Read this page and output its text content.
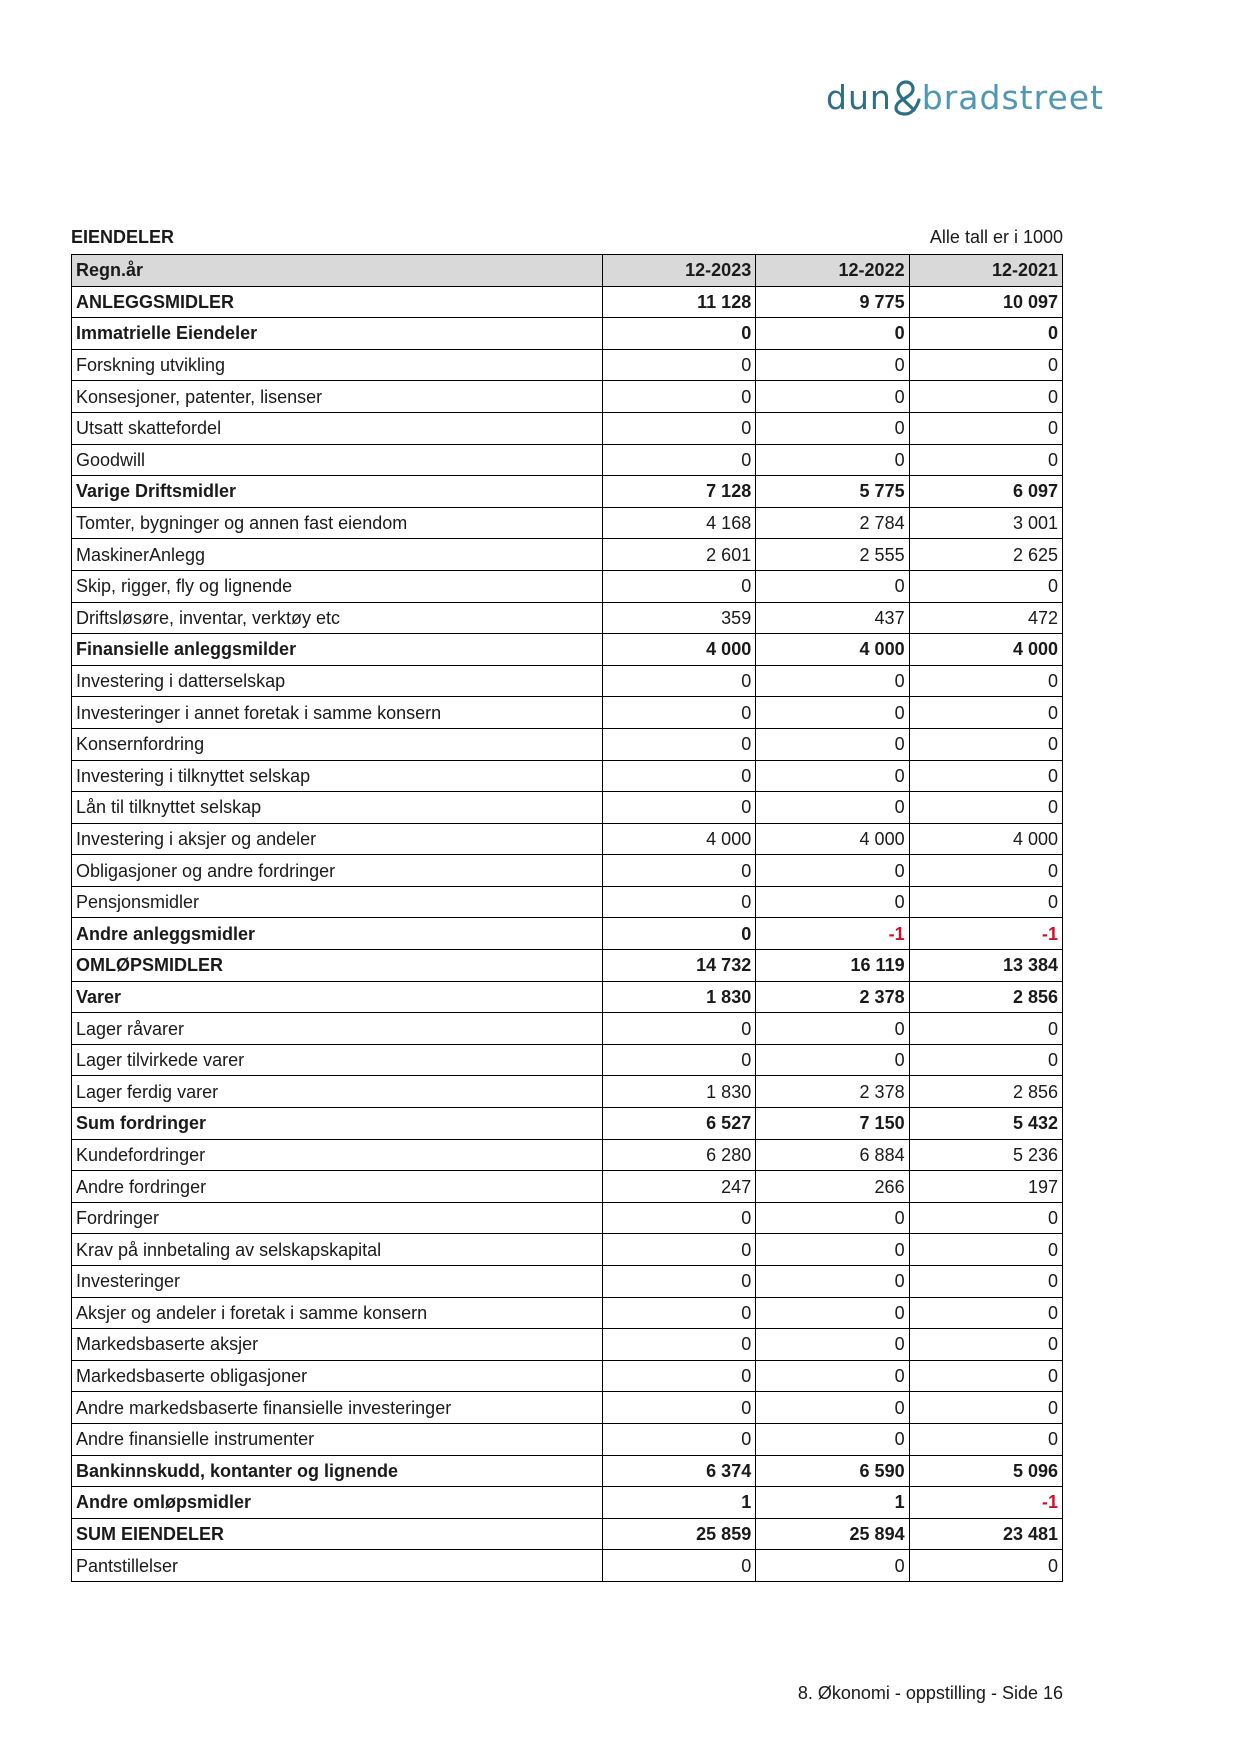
dun bradstreet
EIENDELER	Alle tall er i 1000
Regn.år	12-2023	12-2022	12-2021
ANLEGGSMIDLER	11 128	9 775	10 097
Immatrielle Eiendeler	0	0	0
Forskning utvikling	0	0	0
Konsesjoner, patenter, lisenser	0	0	0
Utsatt skattefordel	0	0	0
Goodwill	0	0	0
Varige Driftsmidler	7 128	5 775	6 097
Tomter, bygninger og annen fast eiendom	4 168	2 784	3 001
MaskinerAnlegg	2 601	2 555	2 625
Skip, rigger, fly og lignende	0	0	0
Driftsløsøre, inventar, verktøy etc	359	437	472
Finansielle anleggsmilder	4 000	4 000	4 000
Investering i datterselskap	0	0	0
Investeringer i annet foretak i samme konsern	0	0	0
Konsernfordring	0	0	0
Investering i tilknyttet selskap	0	0	0
Lån til tilknyttet selskap	0	0	0
Investering i aksjer og andeler	4 000	4 000	4 000
Obligasjoner og andre fordringer	0	0	0
Pensjonsmidler	0	0	0
Andre anleggsmidler	0	-1	-1
OMLØPSMIDLER	14 732	16 119	13 384
Varer	1 830	2 378	2 856
Lager råvarer	0	0	0
Lager tilvirkede varer	0	0	0
Lager ferdig varer	1 830	2 378	2 856
Sum fordringer	6 527	7 150	5 432
Kundefordringer	6 280	6 884	5 236
Andre fordringer	247	266	197
Fordringer	0	0	0
Krav på innbetaling av selskapskapital	0	0	0
Investeringer	0	0	0
Aksjer og andeler i foretak i samme konsern	0	0	0
Markedsbaserte aksjer	0	0	0
Markedsbaserte obligasjoner	0	0	0
Andre markedsbaserte finansielle investeringer	0	0	0
Andre finansielle instrumenter	0	0	0
Bankinnskudd, kontanter og lignende	6 374	6 590	5 096
Andre omløpsmidler	1	1	-1
SUM EIENDELER	25 859	25 894	23 481
Pantstillelser	0	0	0
8. Økonomi - oppstilling - Side 16
